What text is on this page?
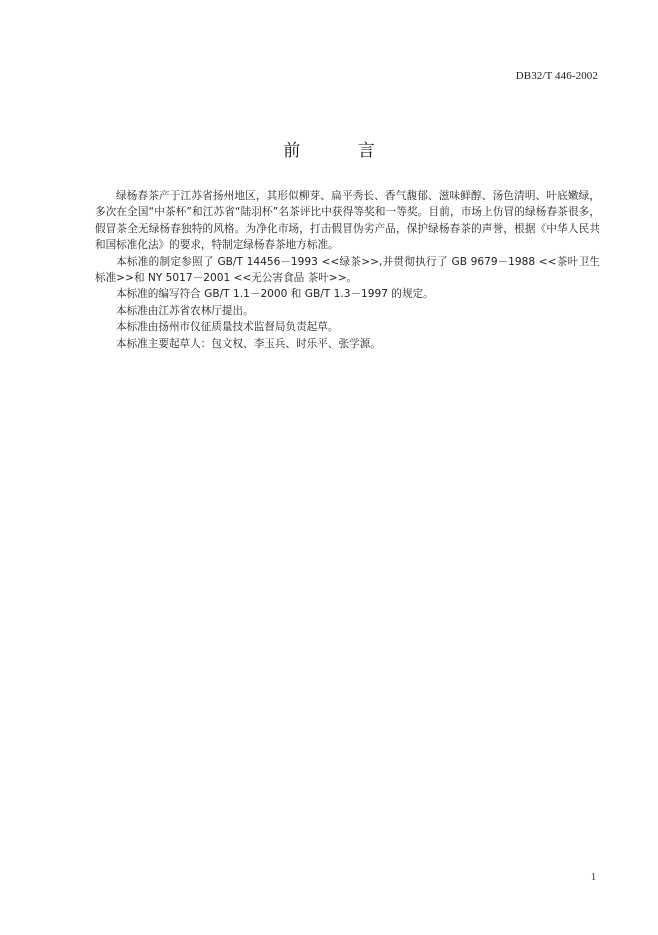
DB32/T 446-2002
前 言

绿杨春茶产于江苏省扬州地区，其形似柳芽、扁平秀长、香气馥郁、滋味鲜醇、汤色清明、叶底嫩绿，多次在全国“中茶杯”和江苏省“陆羽杯”名茶评比中获得等奖和一等奖。目前，市场上仿冒的绿杨春茶很多，假冒茶全无绿杨春独特的风格。为净化市场，打击假冒伪劣产品，保护绿杨春茶的声誉，根据《中华人民共和国标准化法》的要求，特制定绿杨春茶地方标准。

本标准的制定参照了 GB/T 14456－1993 <<绿茶>>,并贯彻执行了 GB 9679－1988 <<茶叶卫生标准>>和 NY 5017－2001 <<无公害食品 茶叶>>。

本标准的编写符合 GB/T 1.1－2000 和 GB/T 1.3－1997 的规定。

本标准由江苏省农林厅提出。

本标准由扬州市仪征质量技术监督局负责起草。

本标准主要起草人：包文权、李玉兵、时乐平、张学源。

1
